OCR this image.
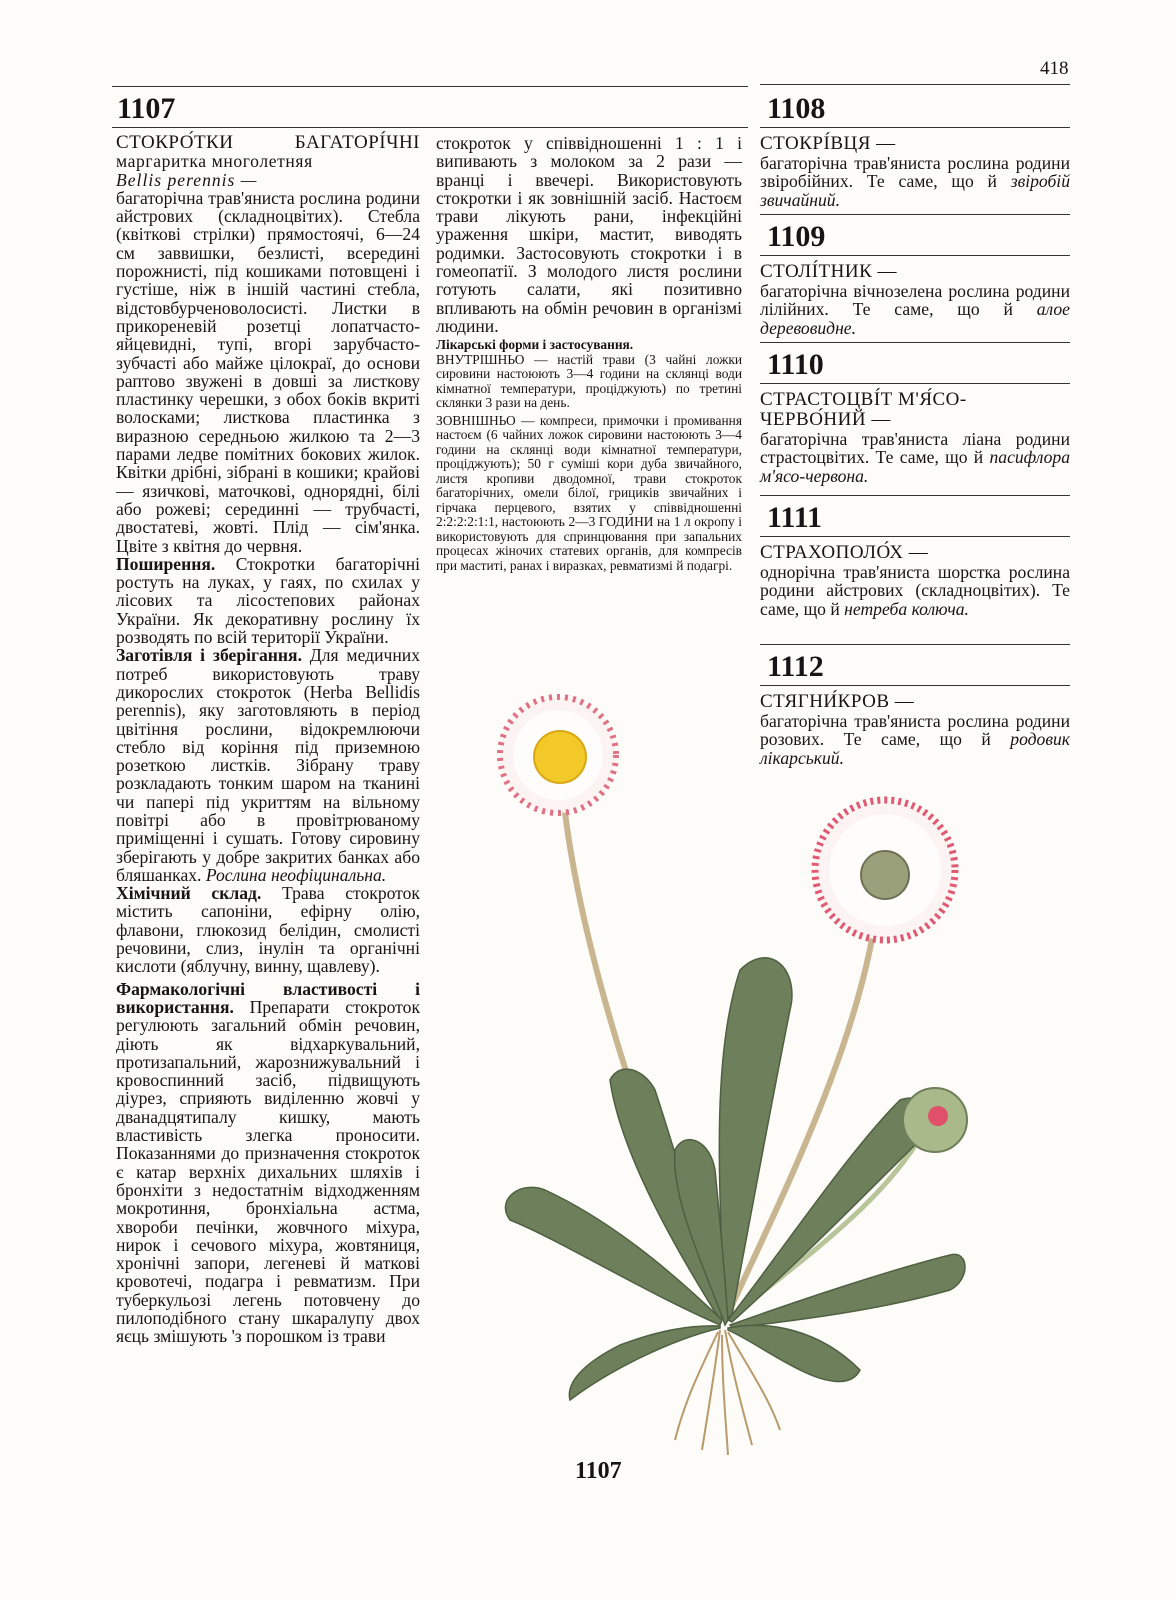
418
1107
СТОКРО́ТКИ	БАГАТОРІ́ЧНІ
маргаритка многолетняя
Bellis perennis —

багаторічна трав'яниста рослина родини айстрових (складноцвітих). Стебла (квіткові стрілки) прямостоячі, 6—24 см заввишки, безлисті, всередині порожнисті, під кошиками потовщені і густіше, ніж в іншій частині стебла, відстовбурченоволосисті. Листки в прикореневій розетці лопатчасто-яйцевидні, тупі, вгорі зарубчасто-зубчасті або майже цілокраї, до основи раптово звужені в довші за листкову пластинку черешки, з обох боків вкриті волосками; листкова пластинка з виразною середньою жилкою та 2—3 парами ледве помітних бокових жилок. Квітки дрібні, зібрані в кошики; крайові — язичкові, маточкові, однорядні, білі або рожеві; серединні — трубчасті, двостатеві, жовті. Плід — сім'янка. Цвіте з квітня до червня.

Поширення. Стокротки багаторічні ростуть на луках, у гаях, по схилах у лісових та лісостепових районах України. Як декоративну рослину їх розводять по всій території України.

Заготівля і зберігання. Для медичних потреб використовують траву дикорослих стокроток (Herba Bellidis perennis), яку заготовляють в період цвітіння рослини, відокремлюючи стебло від коріння під приземною розеткою листків. Зібрану траву розкладають тонким шаром на тканині чи папері під укриттям на вільному повітрі або в провітрюваному приміщенні і сушать. Готову сировину зберігають у добре закритих банках або бляшанках. Рослина неофіцинальна.

Хімічний склад. Трава стокроток містить сапоніни, ефірну олію, флавони, глюкозид белідин, смолисті речовини, слиз, інулін та органічні кислоти (яблучну, винну, щавлеву).

Фармакологічні властивості і використання. Препарати стокроток регулюють загальний обмін речовин, діють як відхаркувальний, протизапальний, жарознижувальний і кровоспинний засіб, підвищують діурез, сприяють виділенню жовчі у дванадцятипалу кишку, мають властивість злегка проносити. Показаннями до призначення стокроток є катар верхніх дихальних шляхів і бронхіти з недостатнім відходженням мокротиння, бронхіальна астма, хвороби печінки, жовчного міхура, нирок і сечового міхура, жовтяниця, хронічні запори, легеневі й маткові кровотечі, подагра і ревматизм. При туберкульозі легень потовчену до пилоподібного стану шкаралупу двох яєць змішують 'з порошком із трави

стокроток у співвідношенні 1 : 1 і випивають з молоком за 2 рази — вранці і ввечері. Використовують стокротки і як зовнішній засіб. Настоєм трави лікують рани, інфекційні ураження шкіри, мастит, виводять родимки. Застосовують стокротки і в гомеопатії. З молодого листя рослини готують салати, які позитивно впливають на обмін речовин в організмі людини.

Лікарські форми і застосування.

ВНУТРІШНЬО — настій трави (3 чайні ложки сировини настоюють 3—4 години на склянці води кімнатної температури, проціджують) по третині склянки 3 рази на день.

ЗОВНІШНЬО — компреси, примочки і промивання настоєм (6 чайних ложок сировини настоюють 3—4 години на склянці води кімнатної температури, проціджують); 50 г суміші кори дуба звичайного, листя кропиви дводомної, трави стокроток багаторічних, омели білої, грициків звичайних і гірчака перцевого, взятих у співвідношенні 2:2:2:2:1:1, настоюють 2—3 ГОДИНИ на 1 л окропу і використовують для спринцювання при запальних процесах жіночих статевих органів, для компресів при маститі, ранах і виразках, ревматизмі й подагрі.

1108
СТОКРІ́ВЦЯ —

багаторічна трав'яниста рослина родини звіробійних. Те саме, що й звіробій звичайний.

1109
СТОЛІ́ТНИК —

багаторічна вічнозелена рослина родини лілійних. Те саме, що й алое деревовидне.

1110
СТРАСТОЦВІ́Т М'Я́СО-ЧЕРВО́НИЙ —

багаторічна трав'яниста ліана родини страстоцвітих. Те саме, що й пасифлора м'ясо-червона.

1111
СТРАХОПОЛО́Х —

однорічна трав'яниста шорстка рослина родини айстрових (складноцвітих). Те саме, що й нетреба колюча.

1112
СТЯГНИ́КРОВ —

багаторічна трав'яниста рослина родини розових. Те саме, що й родовик лікарський.

1107
